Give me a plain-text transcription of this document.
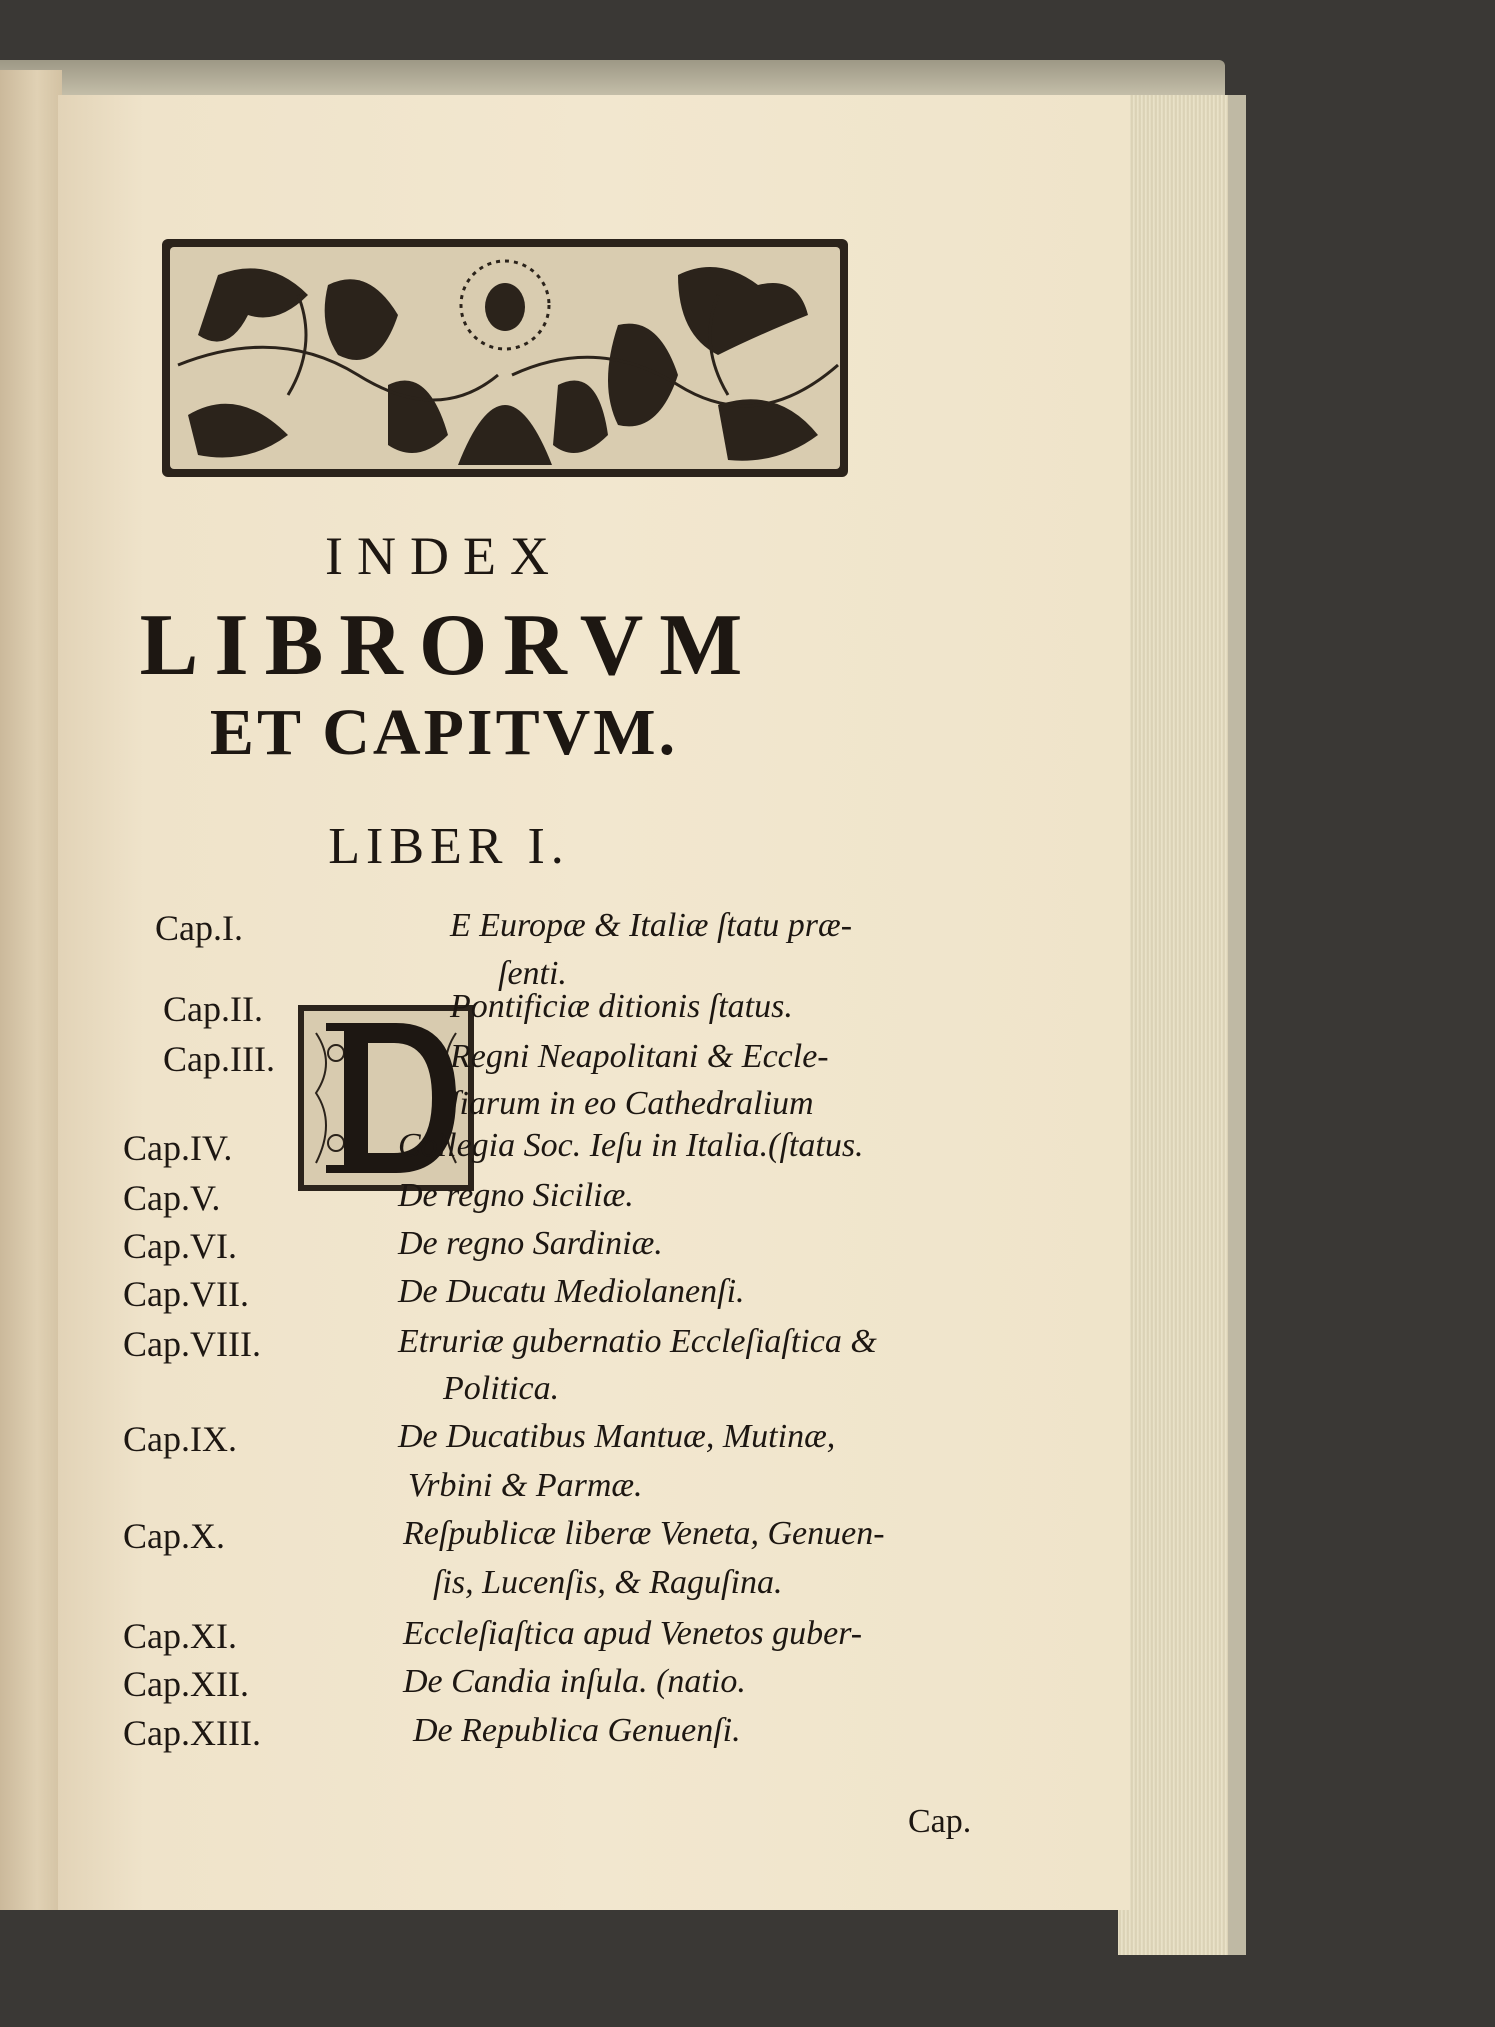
INDEX
LIBRORVM
ET CAPITVM.
LIBER I.
Cap.I.	E Europæ & Italiæ ſtatu præ-
ſenti.
Cap.II.	Pontificiæ ditionis ſtatus.
Cap.III.	Regni Neapolitani & Eccle-
ſiarum in eo Cathedralium
Cap.IV.	Collegia Soc. Ieſu in Italia.(ſtatus.
Cap.V.	De regno Siciliæ.
Cap.VI.	De regno Sardiniæ.
Cap.VII.	De Ducatu Mediolanenſi.
Cap.VIII.	Etruriæ gubernatio Eccleſiaſtica &
Politica.
Cap.IX.	De Ducatibus Mantuæ, Mutinæ,
Vrbini & Parmæ.
Cap.X.	Reſpublicæ liberæ Veneta, Genuen-
ſis, Lucenſis, & Raguſina.
Cap.XI.	Eccleſiaſtica apud Venetos guber-
Cap.XII.	De Candia inſula. (natio.
Cap.XIII.	De Republica Genuenſi.
Cap.
